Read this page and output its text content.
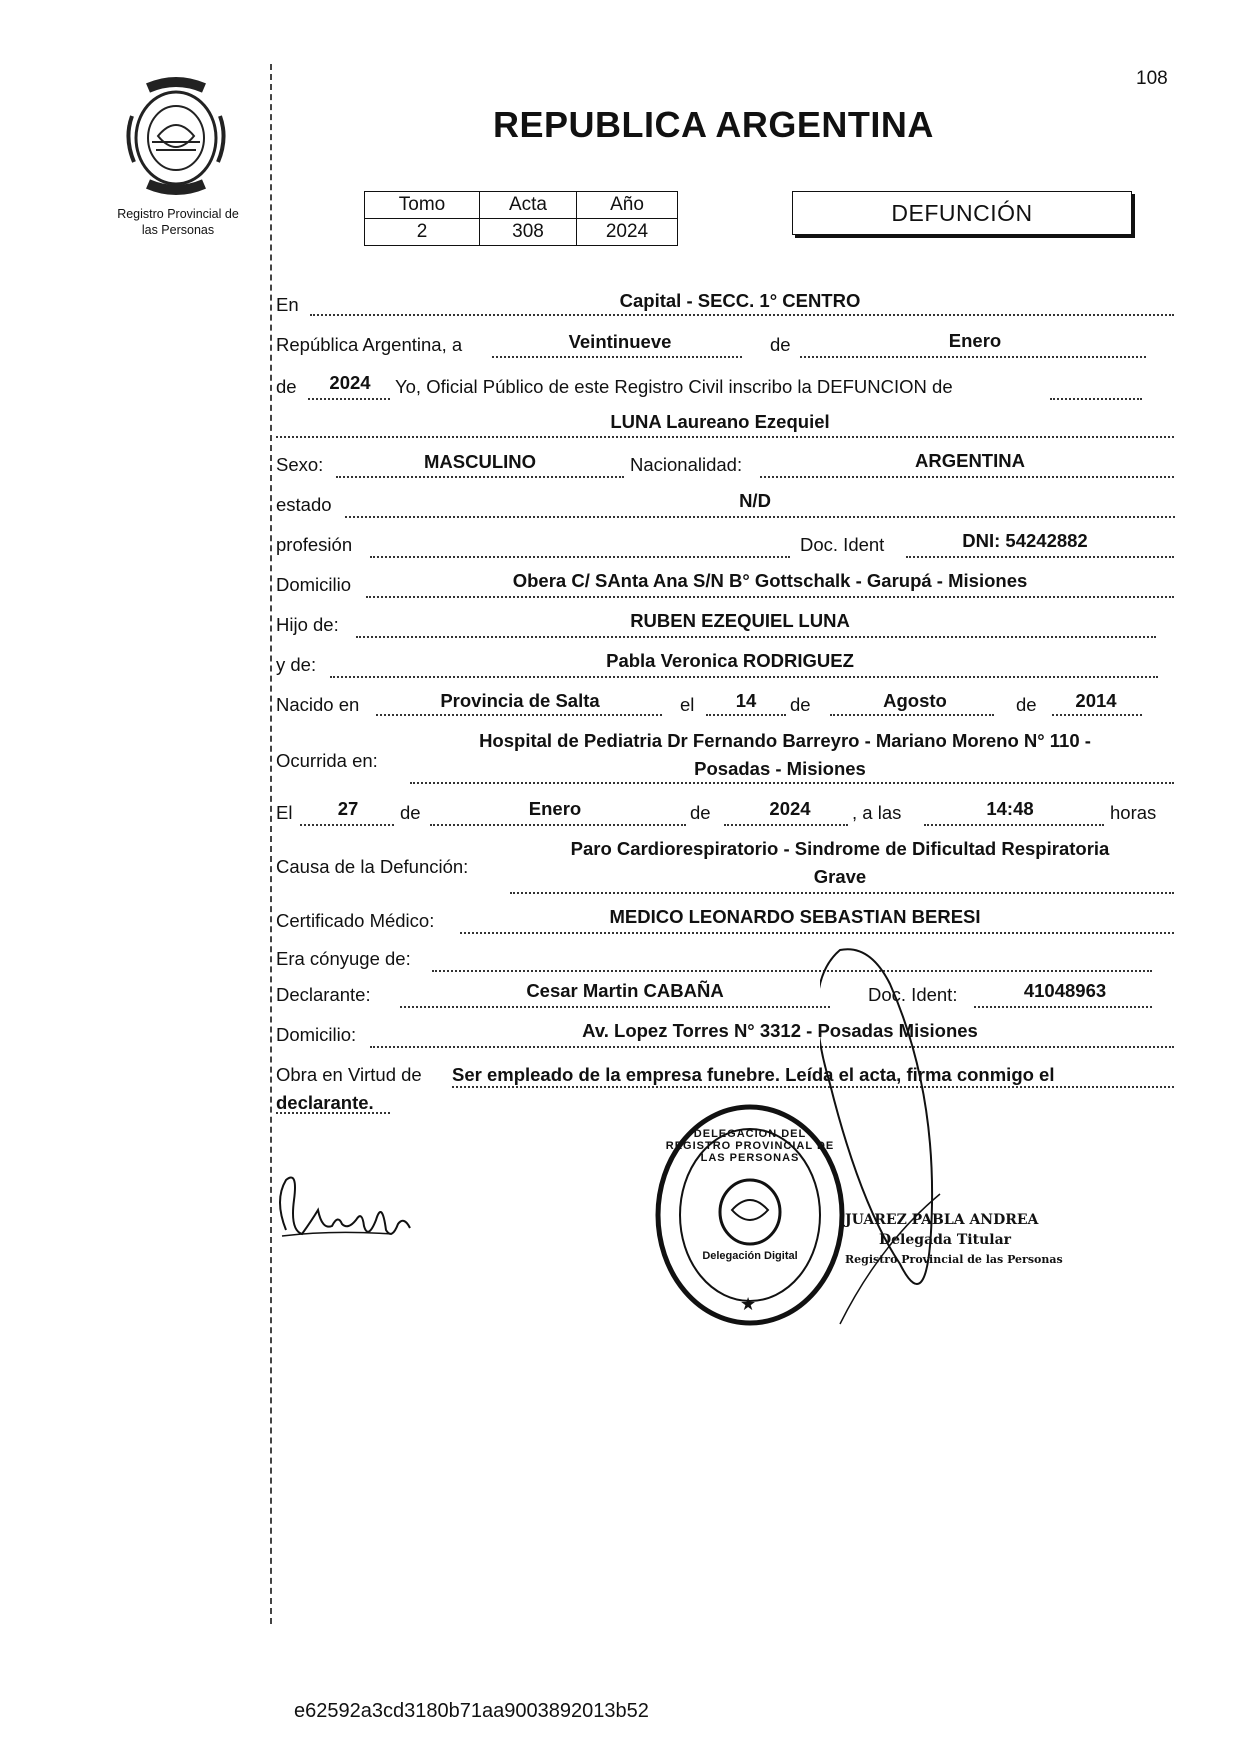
108
Registro Provincial de
las Personas
REPUBLICA ARGENTINA
Tomo	Acta	Año
2	308	2024
DEFUNCIÓN
En	Capital - SECC. 1° CENTRO
República Argentina, a	Veintinueve	de	Enero
de	2024	Yo, Oficial Público de este Registro Civil inscribo la DEFUNCION de
LUNA Laureano Ezequiel
Sexo:	MASCULINO	Nacionalidad:	ARGENTINA
estado	N/D
profesión	Doc. Ident	DNI: 54242882
Domicilio	Obera C/ SAnta Ana S/N B° Gottschalk - Garupá - Misiones
Hijo de:	RUBEN EZEQUIEL LUNA
y de:	Pabla Veronica RODRIGUEZ
Nacido en	Provincia de Salta	el	14	de	Agosto	de	2014
Ocurrida en:
Hospital de Pediatria Dr Fernando Barreyro - Mariano Moreno N° 110 -
Posadas - Misiones
El	27	de	Enero	de	2024	, a las	14:48	horas
Causa de la Defunción:
Paro Cardiorespiratorio - Sindrome de Dificultad Respiratoria
Grave
Certificado Médico:	MEDICO LEONARDO SEBASTIAN BERESI
Era cónyuge de:
Declarante:	Cesar Martin CABAÑA	Doc. Ident:	41048963
Domicilio:	Av. Lopez Torres N° 3312 - Posadas Misiones
Obra en Virtud de Ser empleado de la empresa funebre. Leída el acta, firma conmigo el
declarante.
DELEGACION DEL REGISTRO PROVINCIAL DE LAS PERSONAS
Delegación Digital
★
JUAREZ PABLA ANDREA
Delegada Titular
Registro Provincial de las Personas
e62592a3cd3180b71aa9003892013b52
